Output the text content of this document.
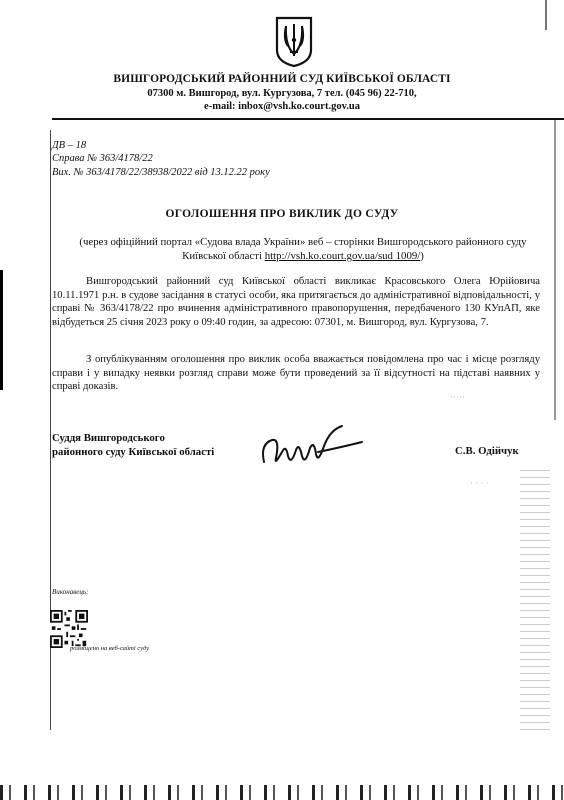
ВИШГОРОДСЬКИЙ РАЙОННИЙ СУД КИЇВСЬКОЇ ОБЛАСТІ
07300 м. Вишгород, вул. Кургузова, 7 тел. (045 96) 22-710,
e-mail: inbox@vsh.ko.court.gov.ua
ДВ – 18
Справа № 363/4178/22
Вих. № 363/4178/22/38938/2022 від 13.12.22 року
ОГОЛОШЕННЯ ПРО ВИКЛИК ДО СУДУ
(через офіційний портал «Судова влада України» веб – сторінки Вишгородського районного суду Київської області http://vsh.ko.court.gov.ua/sud 1009/)

Вишгородський районний суд Київської області викликає Красовського Олега Юрійовича 10.11.1971 р.н. в судове засідання в статусі особи, яка притягається до адміністративної відповідальності, у справі № 363/4178/22 про вчинення адміністративного правопорушення, передбаченого 130 КУпАП, яке відбудеться 25 січня 2023 року о 09:40 годин, за адресою: 07301, м. Вишгород, вул. Кургузова, 7.

З опублікуванням оголошення про виклик особа вважається повідомлена про час і місце розгляду справи і у випадку неявки розгляд справи може бути проведений за її відсутності на підставі наявних у справі доказів.

Суддя Вишгородського
районного суду Київської області	С.В. Одійчук
·····
· · · ·
Виконавець:
розміщено на веб-сайті суду
